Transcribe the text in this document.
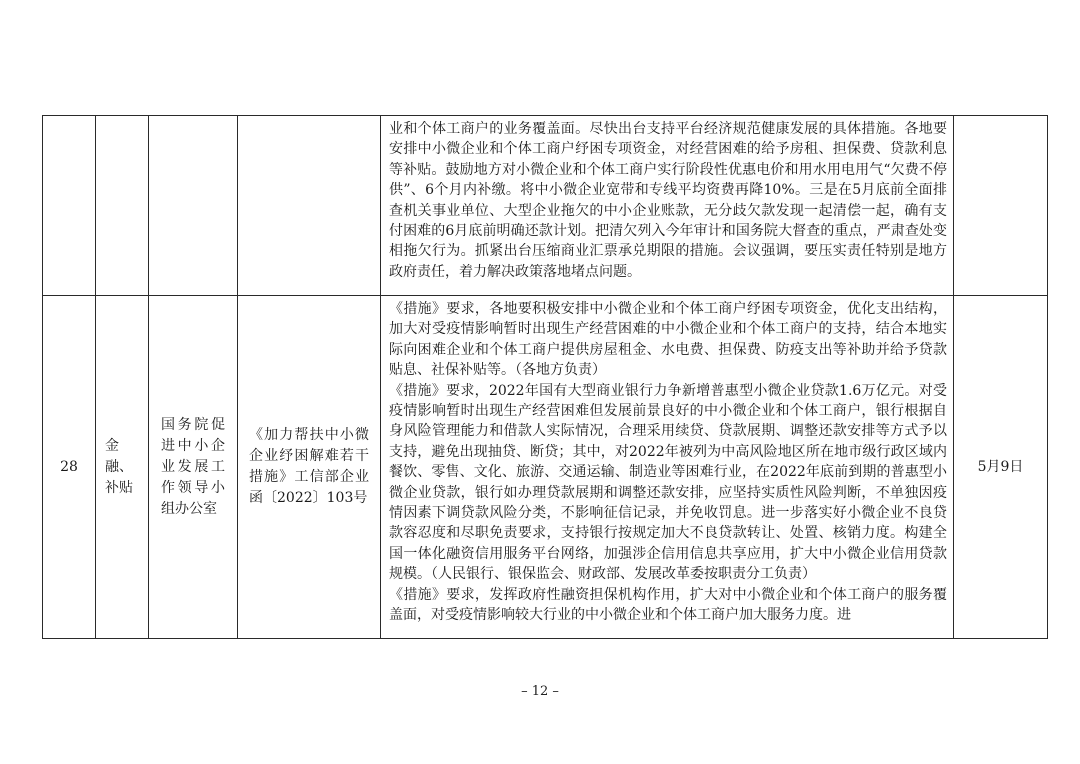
				业和个体工商户的业务覆盖面。尽快出台支持平台经济规范健康发展的具体措施。各地要安排中小微企业和个体工商户纾困专项资金，对经营困难的给予房租、担保费、贷款利息等补贴。鼓励地方对小微企业和个体工商户实行阶段性优惠电价和用水用电用气“欠费不停供”、6个月内补缴。将中小微企业宽带和专线平均资费再降10%。三是在5月底前全面排查机关事业单位、大型企业拖欠的中小企业账款，无分歧欠款发现一起清偿一起，确有支付困难的6月底前明确还款计划。把清欠列入今年审计和国务院大督查的重点，严肃查处变相拖欠行为。抓紧出台压缩商业汇票承兑期限的措施。会议强调，要压实责任特别是地方政府责任，着力解决政策落地堵点问题。	

28	金融、补贴	国务院促进中小企业发展工作领导小组办公室	《加力帮扶中小微企业纾困解难若干措施》工信部企业函〔2022〕103号	《措施》要求，各地要积极安排中小微企业和个体工商户纾困专项资金，优化支出结构，加大对受疫情影响暂时出现生产经营困难的中小微企业和个体工商户的支持，结合本地实际向困难企业和个体工商户提供房屋租金、水电费、担保费、防疫支出等补助并给予贷款贴息、社保补贴等。（各地方负责）

《措施》要求，2022年国有大型商业银行力争新增普惠型小微企业贷款1.6万亿元。对受疫情影响暂时出现生产经营困难但发展前景良好的中小微企业和个体工商户，银行根据自身风险管理能力和借款人实际情况，合理采用续贷、贷款展期、调整还款安排等方式予以支持，避免出现抽贷、断贷；其中，对2022年被列为中高风险地区所在地市级行政区域内餐饮、零售、文化、旅游、交通运输、制造业等困难行业，在2022年底前到期的普惠型小微企业贷款，银行如办理贷款展期和调整还款安排，应坚持实质性风险判断，不单独因疫情因素下调贷款风险分类，不影响征信记录，并免收罚息。进一步落实好小微企业不良贷款容忍度和尽职免责要求，支持银行按规定加大不良贷款转让、处置、核销力度。构建全国一体化融资信用服务平台网络，加强涉企信用信息共享应用，扩大中小微企业信用贷款规模。（人民银行、银保监会、财政部、发展改革委按职责分工负责）

《措施》要求，发挥政府性融资担保机构作用，扩大对中小微企业和个体工商户的服务覆盖面，对受疫情影响较大行业的中小微企业和个体工商户加大服务力度。进	5月9日
– 12 –
